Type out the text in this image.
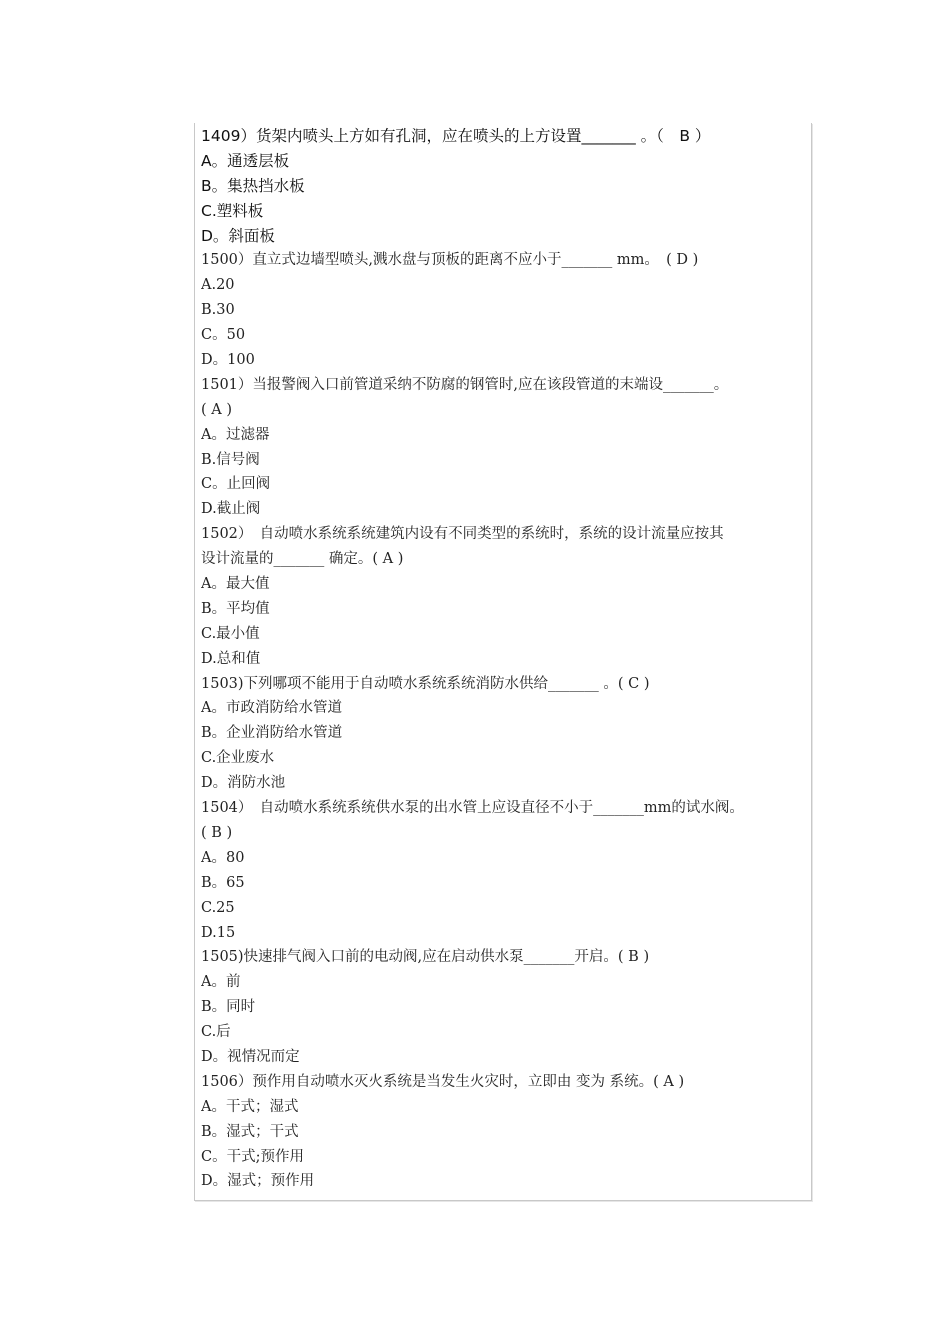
1409）货架内喷头上方如有孔洞，应在喷头的上方设置_______ 。（　B ）
A。通透层板
B。集热挡水板
C.塑料板
D。斜面板
1500）直立式边墙型喷头,溅水盘与顶板的距离不应小于_______ mm。　( D )
A.20
B.30
C。50
D。100
1501）当报警阀入口前管道采纳不防腐的钢管时,应在该段管道的末端设_______。
( A )
A。过滤器
B.信号阀
C。止回阀
D.截止阀
1502）　自动喷水系统系统建筑内设有不同类型的系统时，系统的设计流量应按其
设计流量的_______ 确定。( A )
A。最大值
B。平均值
C.最小值
D.总和值
1503)下列哪项不能用于自动喷水系统系统消防水供给_______ 。( C )
A。市政消防给水管道
B。企业消防给水管道
C.企业废水
D。消防水池
1504）　自动喷水系统系统供水泵的出水管上应设直径不小于_______mm的试水阀。
( B )
A。80
B。65
C.25
D.15
1505)快速排气阀入口前的电动阀,应在启动供水泵_______开启。( B )
A。前
B。同时
C.后
D。视情况而定
1506）预作用自动喷水灭火系统是当发生火灾时，立即由 变为 系统。( A )
A。干式；湿式
B。湿式；干式
C。干式;预作用
D。湿式；预作用
